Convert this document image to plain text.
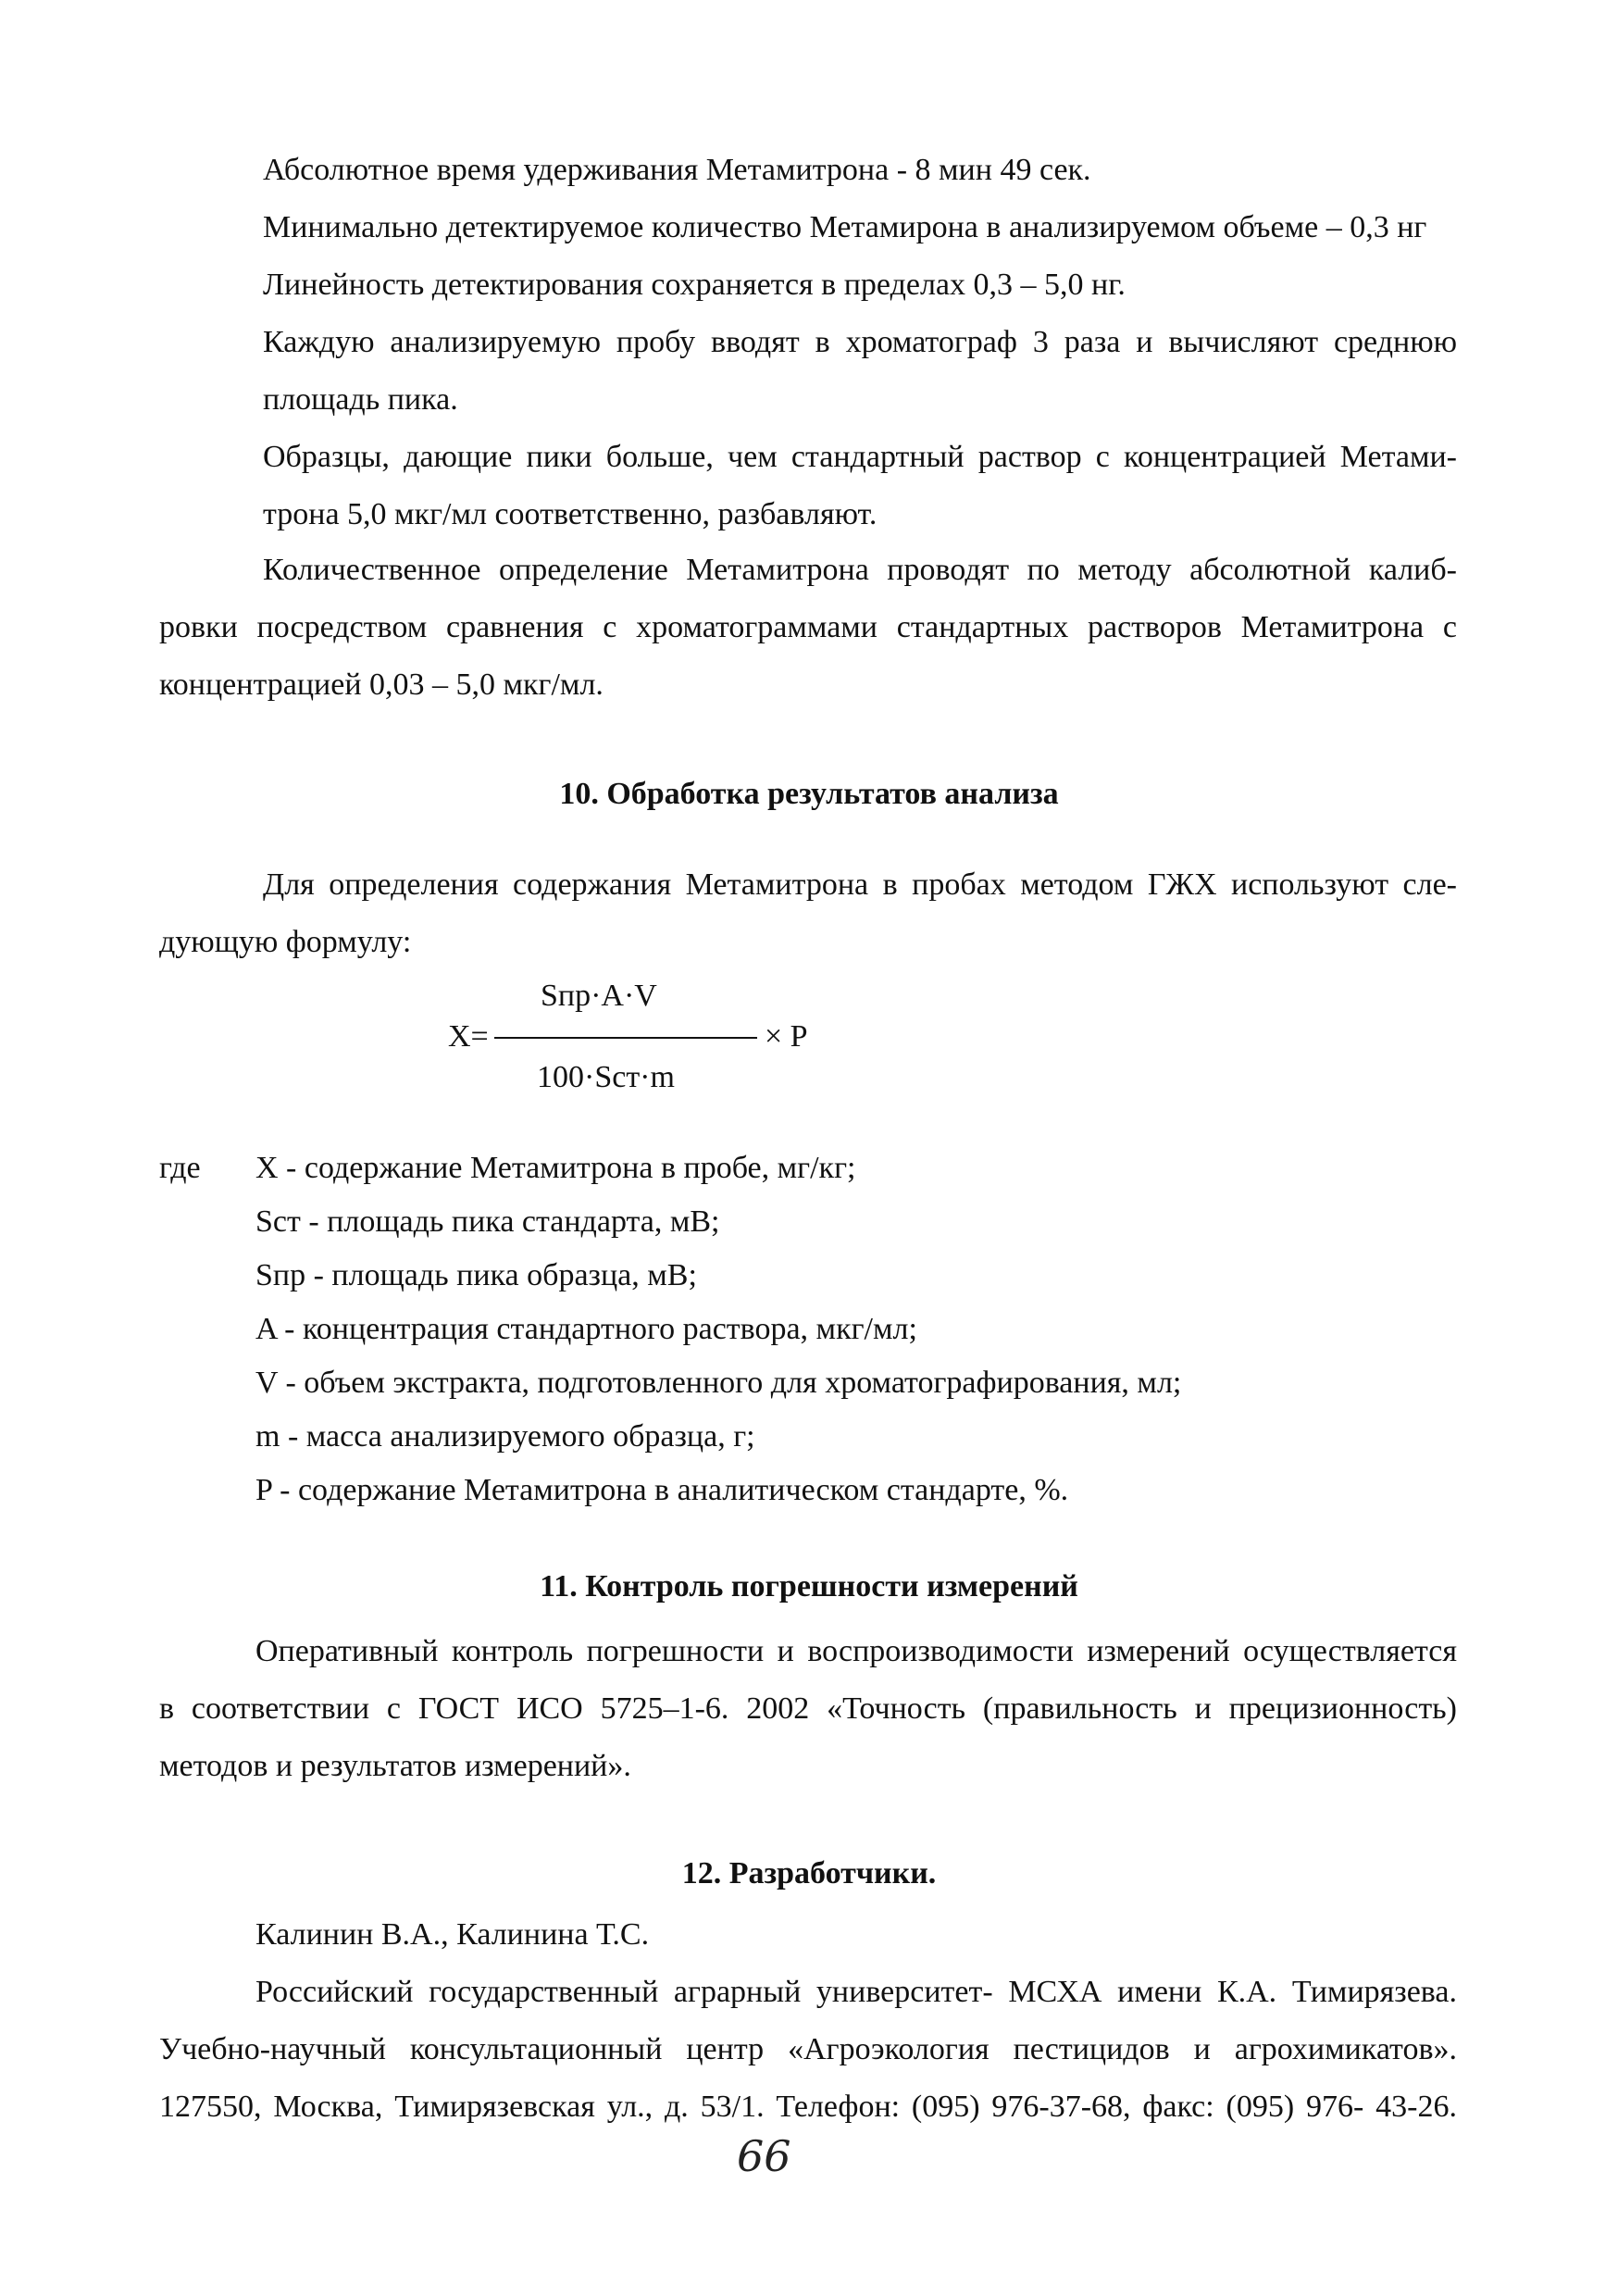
Абсолютное время удерживания Метамитрона - 8 мин 49 сек.
Минимально детектируемое количество Метамирона в анализируемом объеме – 0,3 нг
Линейность детектирования сохраняется в пределах 0,3 – 5,0 нг.
Каждую анализируемую пробу вводят в хроматограф 3 раза и вычисляют среднюю
площадь пика.
Образцы, дающие пики больше, чем стандартный раствор с концентрацией Метами-
трона 5,0 мкг/мл соответственно, разбавляют.
Количественное определение Метамитрона проводят по методу абсолютной калиб-
ровки посредством сравнения с хроматограммами стандартных растворов Метамитрона с
концентрацией 0,03 – 5,0 мкг/мл.
10. Обработка результатов анализа
Для определения содержания Метамитрона в пробах методом ГЖХ используют сле-
дующую формулу:
Sпр·A·V
X=	× P
100·Sст·m
где X - содержание Метамитрона в пробе, мг/кг;
Sст - площадь пика стандарта, мВ;
Sпр - площадь пика образца, мВ;
A - концентрация стандартного раствора, мкг/мл;
V - объем экстракта, подготовленного для хроматографирования, мл;
m - масса анализируемого образца, г;
P - содержание Метамитрона в аналитическом стандарте, %.
11. Контроль погрешности измерений
Оперативный контроль погрешности и воспроизводимости измерений осуществляется
в соответствии с ГОСТ ИСО 5725–1-6. 2002 «Точность (правильность и прецизионность)
методов и результатов измерений».
12. Разработчики.
Калинин В.А., Калинина Т.С.
Российский государственный аграрный университет- МСХА имени К.А. Тимирязева.
Учебно-научный консультационный центр «Агроэкология пестицидов и агрохимикатов».
127550, Москва, Тимирязевская ул., д. 53/1. Телефон: (095) 976-37-68, факс: (095) 976- 43-26.
66
